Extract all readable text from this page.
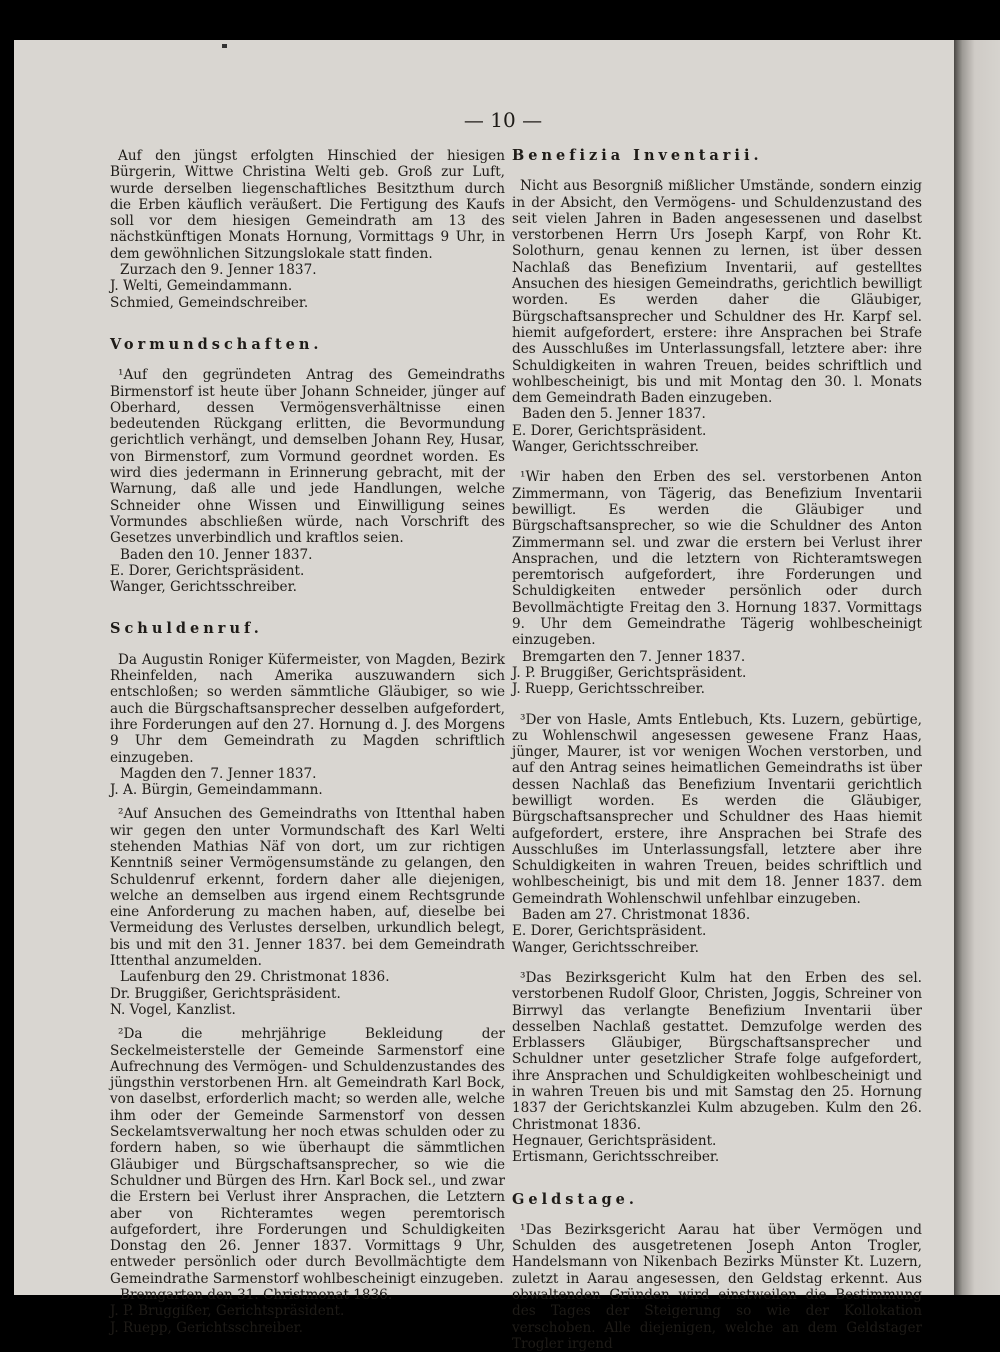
— 10 —

Auf den jüngst erfolgten Hinschied der hiesigen Bürgerin, Wittwe Christina Welti geb. Groß zur Luft, wurde derselben liegenschaftliches Besitzthum durch die Erben käuflich veräußert. Die Fertigung des Kaufs soll vor dem hiesigen Gemeindrath am 13 des nächstkünftigen Monats Hornung, Vormittags 9 Uhr, in dem gewöhnlichen Sitzungslokale statt finden.

Zurzach den 9. Jenner 1837.

J. Welti, Gemeindammann.

Schmied, Gemeindschreiber.

Vormundschaften.

¹Auf den gegründeten Antrag des Gemeindraths Birmenstorf ist heute über Johann Schneider, jünger auf Oberhard, dessen Vermögensverhältnisse einen bedeutenden Rückgang erlitten, die Bevormundung gerichtlich verhängt, und demselben Johann Rey, Husar, von Birmenstorf, zum Vormund geordnet worden. Es wird dies jedermann in Erinnerung gebracht, mit der Warnung, daß alle und jede Handlungen, welche Schneider ohne Wissen und Einwilligung seines Vormundes abschließen würde, nach Vorschrift des Gesetzes unverbindlich und kraftlos seien.

Baden den 10. Jenner 1837.

E. Dorer, Gerichtspräsident.

Wanger, Gerichtsschreiber.

Schuldenruf.

Da Augustin Roniger Küfermeister, von Magden, Bezirk Rheinfelden, nach Amerika auszuwandern sich entschloßen; so werden sämmtliche Gläubiger, so wie auch die Bürgschaftsansprecher desselben aufgefordert, ihre Forderungen auf den 27. Hornung d. J. des Morgens 9 Uhr dem Gemeindrath zu Magden schriftlich einzugeben.

Magden den 7. Jenner 1837.

J. A. Bürgin, Gemeindammann.

²Auf Ansuchen des Gemeindraths von Ittenthal haben wir gegen den unter Vormundschaft des Karl Welti stehenden Mathias Näf von dort, um zur richtigen Kenntniß seiner Vermögensumstände zu gelangen, den Schuldenruf erkennt, fordern daher alle diejenigen, welche an demselben aus irgend einem Rechtsgrunde eine Anforderung zu machen haben, auf, dieselbe bei Vermeidung des Verlustes derselben, urkundlich belegt, bis und mit den 31. Jenner 1837. bei dem Gemeindrath Ittenthal anzumelden.

Laufenburg den 29. Christmonat 1836.

Dr. Bruggißer, Gerichtspräsident.

N. Vogel, Kanzlist.

²Da die mehrjährige Bekleidung der Seckelmeisterstelle der Gemeinde Sarmenstorf eine Aufrechnung des Vermögen- und Schuldenzustandes des jüngsthin verstorbenen Hrn. alt Gemeindrath Karl Bock, von daselbst, erforderlich macht; so werden alle, welche ihm oder der Gemeinde Sarmenstorf von dessen Seckelamtsverwaltung her noch etwas schulden oder zu fordern haben, so wie überhaupt die sämmtlichen Gläubiger und Bürgschaftsansprecher, so wie die Schuldner und Bürgen des Hrn. Karl Bock sel., und zwar die Erstern bei Verlust ihrer Ansprachen, die Letztern aber von Richteramtes wegen peremtorisch aufgefordert, ihre Forderungen und Schuldigkeiten Donstag den 26. Jenner 1837. Vormittags 9 Uhr, entweder persönlich oder durch Bevollmächtigte dem Gemeindrathe Sarmenstorf wohlbescheinigt einzugeben.

Bremgarten den 31. Christmonat 1836.

J. P. Bruggißer, Gerichtspräsident.

J. Ruepp, Gerichtsschreiber.

Benefizia Inventarii.

Nicht aus Besorgniß mißlicher Umstände, sondern einzig in der Absicht, den Vermögens- und Schuldenzustand des seit vielen Jahren in Baden angesessenen und daselbst verstorbenen Herrn Urs Joseph Karpf, von Rohr Kt. Solothurn, genau kennen zu lernen, ist über dessen Nachlaß das Benefizium Inventarii, auf gestelltes Ansuchen des hiesigen Gemeindraths, gerichtlich bewilligt worden. Es werden daher die Gläubiger, Bürgschaftsansprecher und Schuldner des Hr. Karpf sel. hiemit aufgefordert, erstere: ihre Ansprachen bei Strafe des Ausschlußes im Unterlassungsfall, letztere aber: ihre Schuldigkeiten in wahren Treuen, beides schriftlich und wohlbescheinigt, bis und mit Montag den 30. l. Monats dem Gemeindrath Baden einzugeben.

Baden den 5. Jenner 1837.

E. Dorer, Gerichtspräsident.

Wanger, Gerichtsschreiber.

¹Wir haben den Erben des sel. verstorbenen Anton Zimmermann, von Tägerig, das Benefizium Inventarii bewilligt. Es werden die Gläubiger und Bürgschaftsansprecher, so wie die Schuldner des Anton Zimmermann sel. und zwar die erstern bei Verlust ihrer Ansprachen, und die letztern von Richteramtswegen peremtorisch aufgefordert, ihre Forderungen und Schuldigkeiten entweder persönlich oder durch Bevollmächtigte Freitag den 3. Hornung 1837. Vormittags 9. Uhr dem Gemeindrathe Tägerig wohlbescheinigt einzugeben.

Bremgarten den 7. Jenner 1837.

J. P. Bruggißer, Gerichtspräsident.

J. Ruepp, Gerichtsschreiber.

³Der von Hasle, Amts Entlebuch, Kts. Luzern, gebürtige, zu Wohlenschwil angesessen gewesene Franz Haas, jünger, Maurer, ist vor wenigen Wochen verstorben, und auf den Antrag seines heimatlichen Gemeindraths ist über dessen Nachlaß das Benefizium Inventarii gerichtlich bewilligt worden. Es werden die Gläubiger, Bürgschaftsansprecher und Schuldner des Haas hiemit aufgefordert, erstere, ihre Ansprachen bei Strafe des Ausschlußes im Unterlassungsfall, letztere aber ihre Schuldigkeiten in wahren Treuen, beides schriftlich und wohlbescheinigt, bis und mit dem 18. Jenner 1837. dem Gemeindrath Wohlenschwil unfehlbar einzugeben.

Baden am 27. Christmonat 1836.

E. Dorer, Gerichtspräsident.

Wanger, Gerichtsschreiber.

³Das Bezirksgericht Kulm hat den Erben des sel. verstorbenen Rudolf Gloor, Christen, Joggis, Schreiner von Birrwyl das verlangte Benefizium Inventarii über desselben Nachlaß gestattet. Demzufolge werden des Erblassers Gläubiger, Bürgschaftsansprecher und Schuldner unter gesetzlicher Strafe folge aufgefordert, ihre Ansprachen und Schuldigkeiten wohlbescheinigt und in wahren Treuen bis und mit Samstag den 25. Hornung 1837 der Gerichtskanzlei Kulm abzugeben. Kulm den 26. Christmonat 1836.

Hegnauer, Gerichtspräsident.

Ertismann, Gerichtsschreiber.

Geldstage.

¹Das Bezirksgericht Aarau hat über Vermögen und Schulden des ausgetretenen Joseph Anton Trogler, Handelsmann von Nikenbach Bezirks Münster Kt. Luzern, zuletzt in Aarau angesessen, den Geldstag erkennt. Aus obwaltenden Gründen wird einstweilen die Bestimmung des Tages der Steigerung so wie der Kollokation verschoben. Alle diejenigen, welche an dem Geldstager Trogler irgend
